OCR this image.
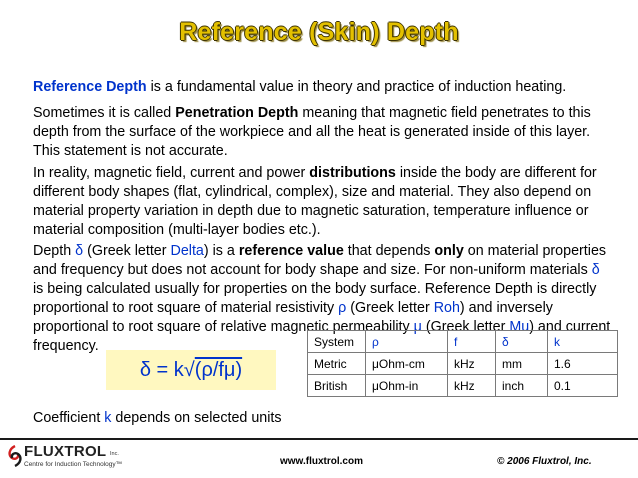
Reference (Skin) Depth

Reference Depth is a fundamental value in theory and practice of induction heating.

Sometimes it is called Penetration Depth meaning that magnetic field penetrates to this depth from the surface of the workpiece and all the heat is generated inside of this layer. This statement is not accurate.

In reality, magnetic field, current and power distributions inside the body are different for different body shapes (flat, cylindrical, complex), size and material. They also depend on material property variation in depth due to magnetic saturation, temperature influence or material composition (multi-layer bodies etc.).

Depth δ (Greek letter Delta) is a reference value that depends only on material properties and frequency but does not account for body shape and size. For non-uniform materials δ is being calculated usually for properties on the body surface. Reference Depth is directly proportional to root square of material resistivity ρ (Greek letter Roh) and inversely proportional to root square of relative magnetic permeability μ (Greek letter Mu) and current frequency.

δ = k√(ρ/fμ)
System	ρ	f	δ	k
Metric	μOhm-cm	kHz	mm	1.6
British	μOhm-in	kHz	inch	0.1

Coefficient k depends on selected units

FLUXTROL Inc.
Centre for Induction Technology™	www.fluxtrol.com	© 2006 Fluxtrol, Inc.
